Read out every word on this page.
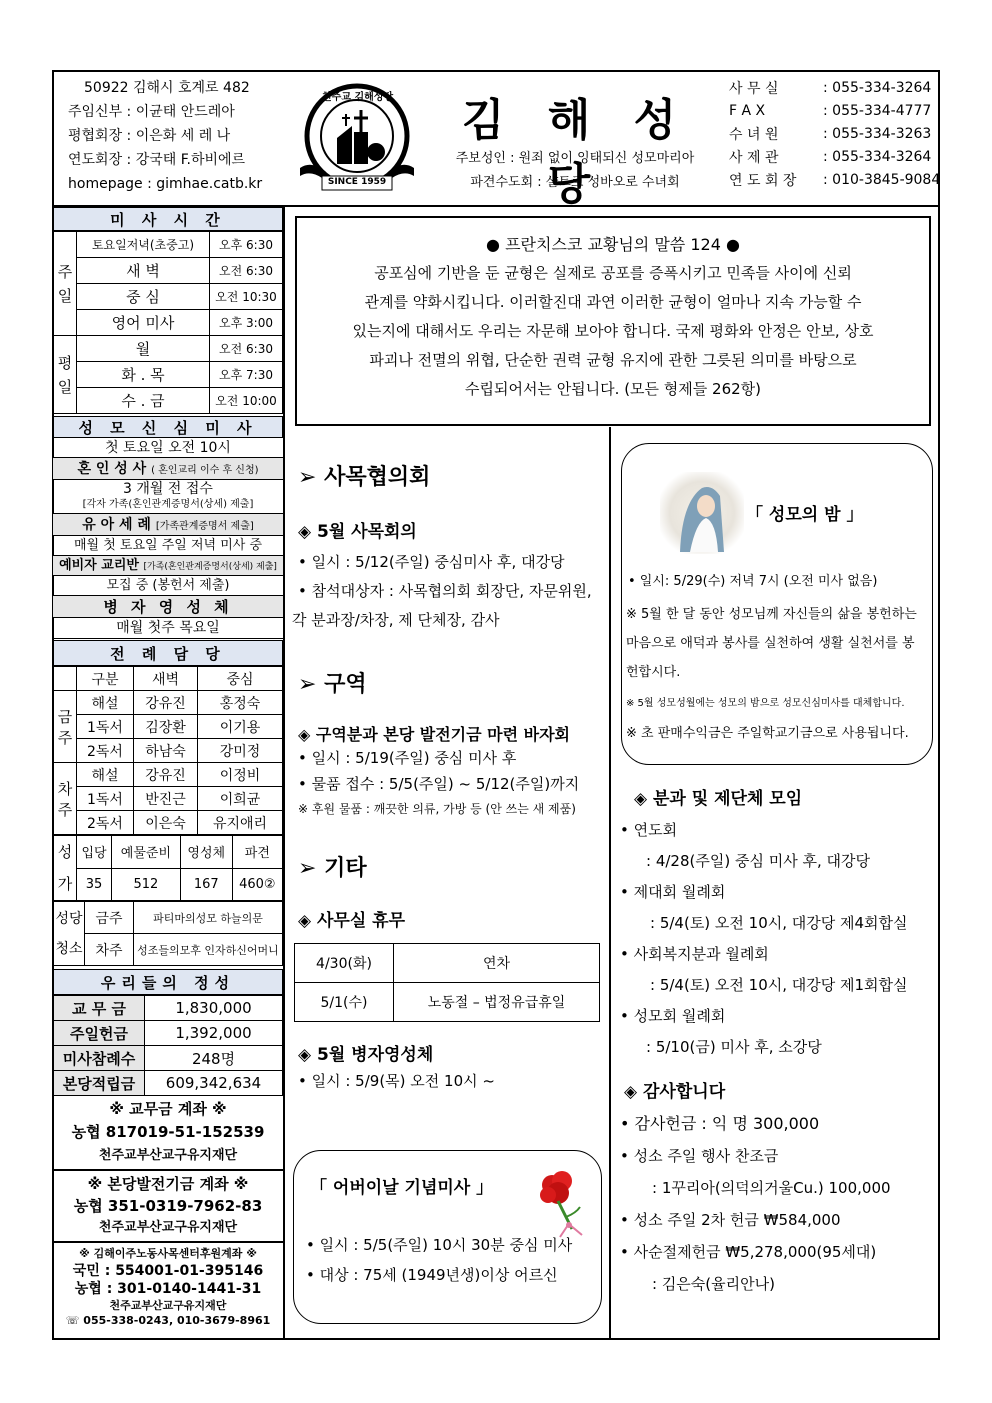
50922 김해시 호계로 482
주임신부 : 이균태 안드레아
평협회장 : 이은화 세 레 나
연도회장 : 강국태 F.하비에르
homepage : gimhae.catb.kr
천주교 김해성당
SINCE 1959
김 해 성 당
주보성인 : 원죄 없이 잉태되신 성모마리아
파견수도회 : 샬트르 성바오로 수녀회
사 무 실	: 055-334-3264
F A X	: 055-334-4777
수 녀 원	: 055-334-3263
사 제 관	: 055-334-3264
연 도 회 장	: 010-3845-9084
미 사 시 간
주
일	토요일저녁(초중고)	오후 6:30
	새 벽	오전 6:30
	중 심	오전 10:30
	영어 미사	오후 3:00
평
일	월	오전 6:30
	화 . 목	오후 7:30
	수 . 금	오전 10:00
성 모 신 심 미 사
첫 토요일 오전 10시
혼 인 성 사 ( 혼인교리 이수 후 신청)
3 개월 전 접수
[각자 가족(혼인관계증명서(상세) 제출]
유 아 세 례 [가족관계증명서 제출]
매월 첫 토요일 주일 저녁 미사 중
예비자 교리반 [가족(혼인관계증명서(상세) 제출]
모집 중 (봉헌서 제출)
병 자 영 성 체
매월 첫주 목요일
전 례 담 당
	구분	새벽	중심
금
주	해설	강유진	홍정숙
	1독서	김장환	이기용
	2독서	하남숙	강미정
차
주	해설	강유진	이정비
	1독서	반진근	이희균
	2독서	이은숙	유지애리
성
가	입당	예물준비	영성체	파견
	35	512	167	460②
성당
청소	금주	파티마의성모 하늘의문
	차주	성조들의모후 인자하신어머니
우리들의 정성
교 무 금	1,830,000
주일헌금	1,392,000
미사참례수	248명
본당적립금	609,342,634
※ 교무금 계좌 ※
농협 817019-51-152539
천주교부산교구유지재단
※ 본당발전기금 계좌 ※
농협 351-0319-7962-83
천주교부산교구유지재단
※ 김해이주노동사목센터후원계좌 ※
국민 : 554001-01-395146
농협 : 301-0140-1441-31
천주교부산교구유지재단
☏ 055-338-0243, 010-3679-8961
● 프란치스코 교황님의 말씀 124 ●
공포심에 기반을 둔 균형은 실제로 공포를 증폭시키고 민족들 사이에 신뢰
관계를 약화시킵니다. 이러할진대 과연 이러한 균형이 얼마나 지속 가능할 수
있는지에 대해서도 우리는 자문해 보아야 합니다. 국제 평화와 안정은 안보, 상호
파괴나 전멸의 위협, 단순한 권력 균형 유지에 관한 그릇된 의미를 바탕으로
수립되어서는 안됩니다. (모든 형제들 262항)
➢ 사목협의회
◈ 5월 사목회의
• 일시 : 5/12(주일) 중심미사 후, 대강당
• 참석대상자 : 사목협의회 회장단, 자문위원,
각 분과장/차장, 제 단체장, 감사
➢ 구역
◈ 구역분과 본당 발전기금 마련 바자회
• 일시 : 5/19(주일) 중심 미사 후
• 물품 접수 : 5/5(주일) ~ 5/12(주일)까지
※ 후원 물품 : 깨끗한 의류, 가방 등 (안 쓰는 새 제품)
➢ 기타
◈ 사무실 휴무
4/30(화)	연차
5/1(수)	노동절 – 법정유급휴일
◈ 5월 병자영성체
• 일시 : 5/9(목) 오전 10시 ~
「 어버이날 기념미사 」
• 일시 : 5/5(주일) 10시 30분 중심 미사
• 대상 : 75세 (1949년생)이상 어르신
「 성모의 밤 」
• 일시: 5/29(수) 저녁 7시 (오전 미사 없음)
※ 5월 한 달 동안 성모님께 자신들의 삶을 봉헌하는
마음으로 애덕과 봉사를 실천하여 생활 실천서를 봉
헌합시다.
※ 5월 성모성월에는 성모의 밤으로 성모신심미사를 대체합니다.
※ 초 판매수익금은 주일학교기금으로 사용됩니다.
◈ 분과 및 제단체 모임
• 연도회
: 4/28(주일) 중심 미사 후, 대강당
• 제대회 월례회
: 5/4(토) 오전 10시, 대강당 제4회합실
• 사회복지분과 월례회
: 5/4(토) 오전 10시, 대강당 제1회합실
• 성모회 월례회
: 5/10(금) 미사 후, 소강당
◈ 감사합니다
• 감사헌금 : 익 명 300,000
• 성소 주일 행사 찬조금
: 1꾸리아(의덕의거울Cu.) 100,000
• 성소 주일 2차 헌금 ₩584,000
• 사순절제헌금 ₩5,278,000(95세대)
: 김은숙(율리안나)
